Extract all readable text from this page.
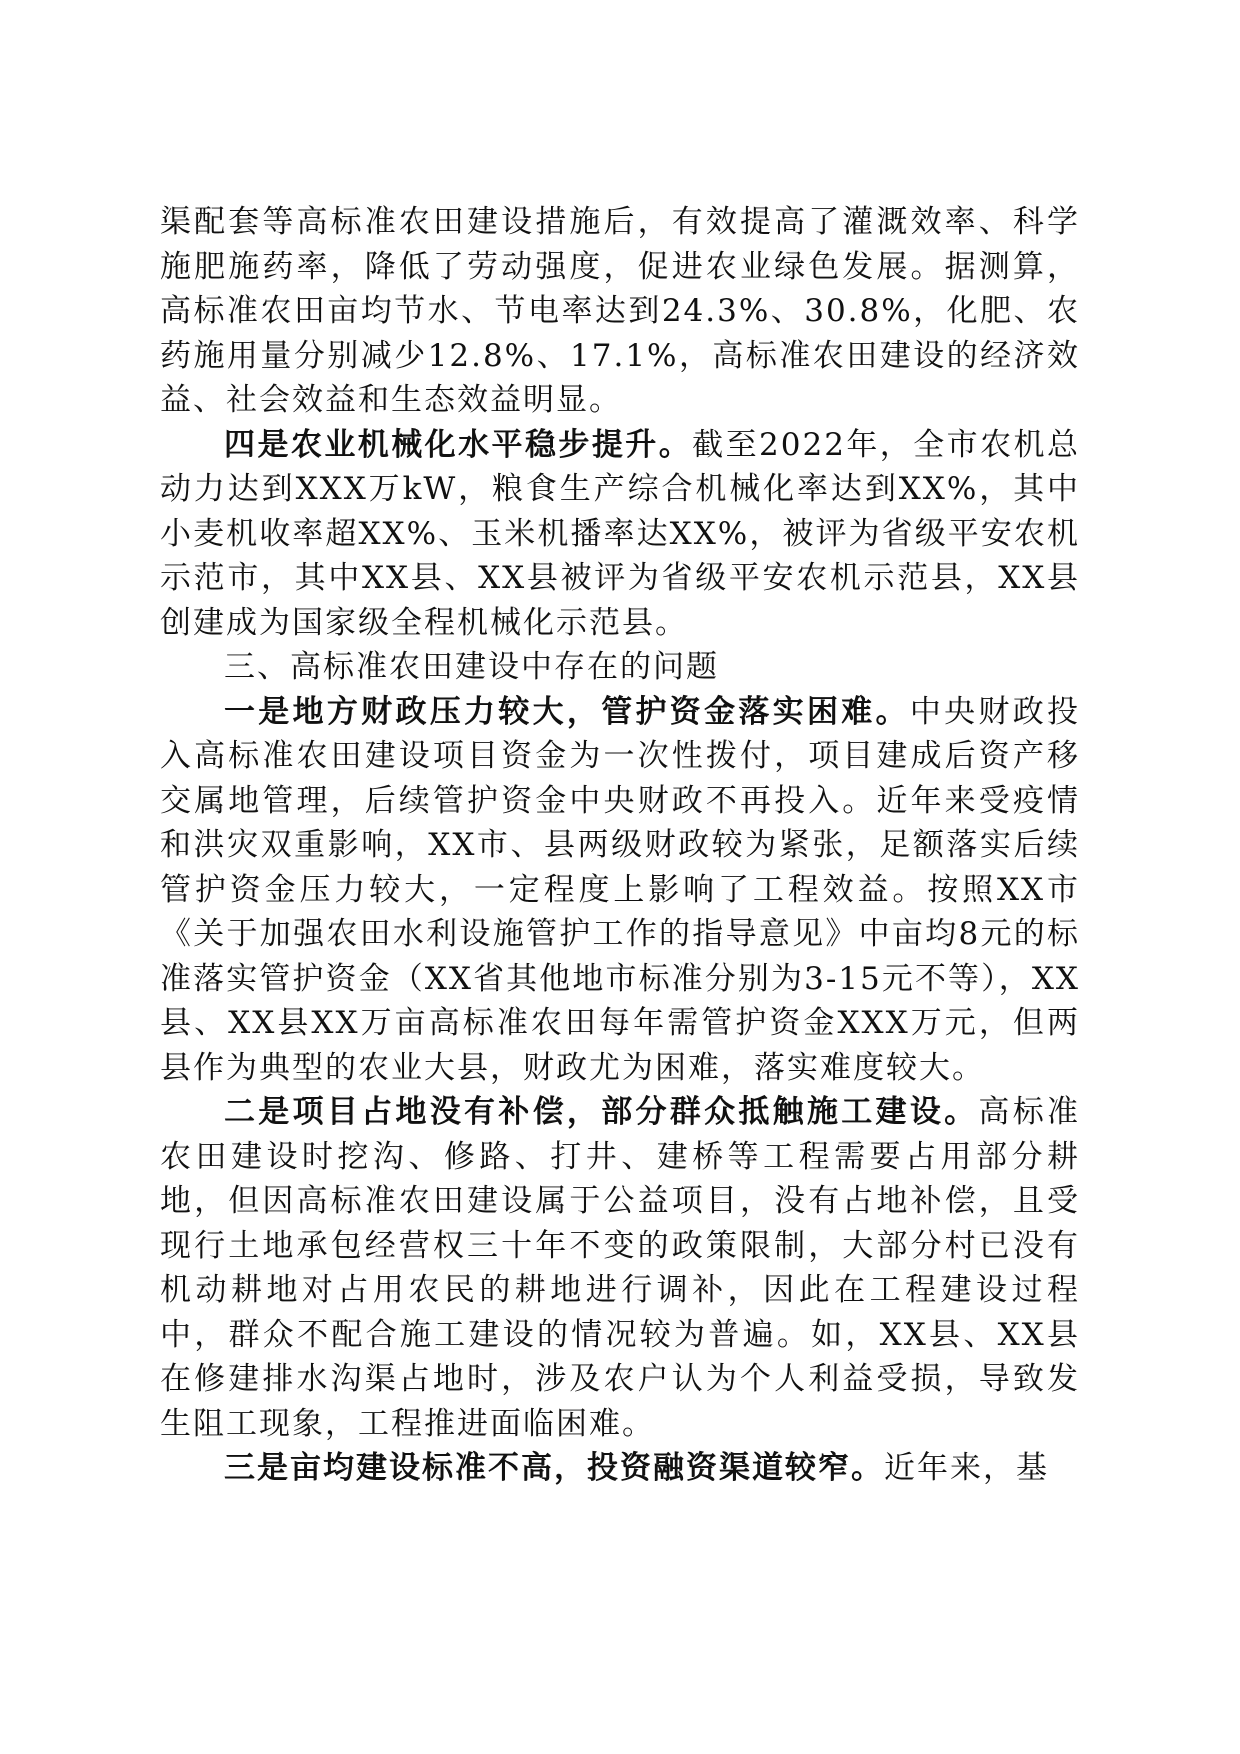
渠配套等高标准农田建设措施后，有效提高了灌溉效率、科学施肥施药率，降低了劳动强度，促进农业绿色发展。据测算，高标准农田亩均节水、节电率达到24.3%、30.8%，化肥、农药施用量分别减少12.8%、17.1%，高标准农田建设的经济效益、社会效益和生态效益明显。

四是农业机械化水平稳步提升。截至2022年，全市农机总动力达到XXX万kW，粮食生产综合机械化率达到XX%，其中小麦机收率超XX%、玉米机播率达XX%，被评为省级平安农机示范市，其中XX县、XX县被评为省级平安农机示范县，XX县创建成为国家级全程机械化示范县。

三、高标准农田建设中存在的问题

一是地方财政压力较大，管护资金落实困难。中央财政投入高标准农田建设项目资金为一次性拨付，项目建成后资产移交属地管理，后续管护资金中央财政不再投入。近年来受疫情和洪灾双重影响，XX市、县两级财政较为紧张，足额落实后续管护资金压力较大，一定程度上影响了工程效益。按照XX市《关于加强农田水利设施管护工作的指导意见》中亩均8元的标准落实管护资金（XX省其他地市标准分别为3-15元不等），XX县、XX县XX万亩高标准农田每年需管护资金XXX万元，但两县作为典型的农业大县，财政尤为困难，落实难度较大。

二是项目占地没有补偿，部分群众抵触施工建设。高标准农田建设时挖沟、修路、打井、建桥等工程需要占用部分耕地，但因高标准农田建设属于公益项目，没有占地补偿，且受现行土地承包经营权三十年不变的政策限制，大部分村已没有机动耕地对占用农民的耕地进行调补，因此在工程建设过程中，群众不配合施工建设的情况较为普遍。如，XX县、XX县在修建排水沟渠占地时，涉及农户认为个人利益受损，导致发生阻工现象，工程推进面临困难。

三是亩均建设标准不高，投资融资渠道较窄。近年来，基
